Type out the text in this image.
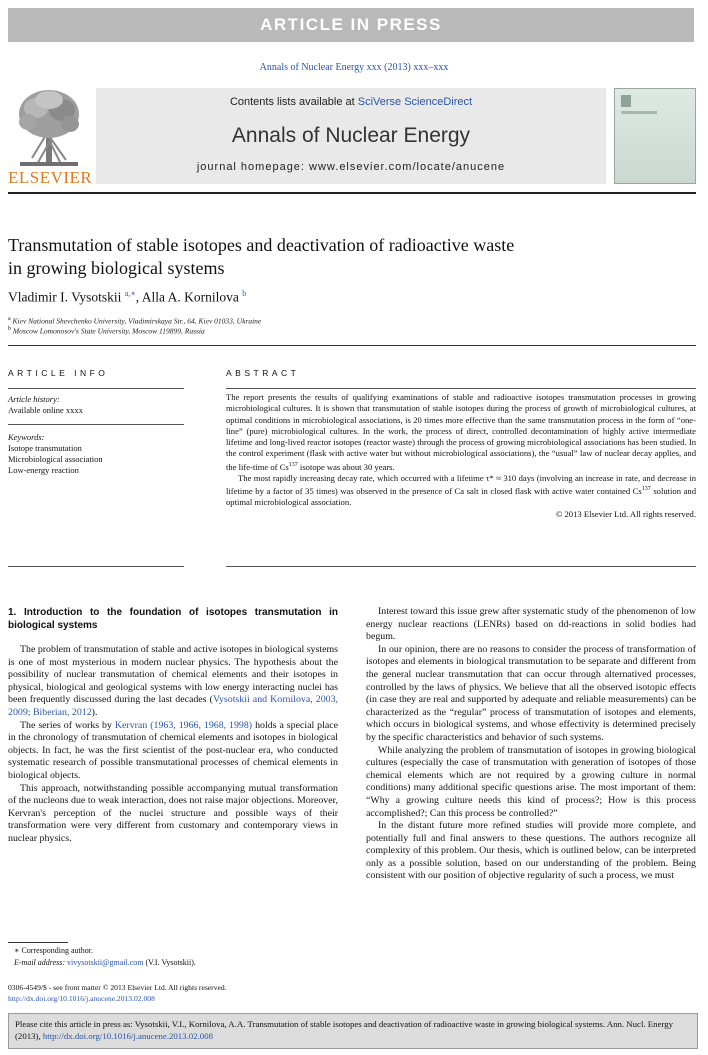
ARTICLE IN PRESS
Annals of Nuclear Energy xxx (2013) xxx–xxx
ELSEVIER
Contents lists available at SciVerse ScienceDirect
Annals of Nuclear Energy
journal homepage: www.elsevier.com/locate/anucene
Transmutation of stable isotopes and deactivation of radioactive waste
in growing biological systems
Vladimir I. Vysotskii $^{a,∗}$, Alla A. Kornilova $^b$
$^a$ Kiev National Shevchenko University, Vladimirskaya Str., 64, Kiev 01033, Ukraine
$^b$ Moscow Lomonosov's State University, Moscow 119899, Russia
ARTICLE INFO
Article history:
Available online xxxx
Keywords:
Isotope transmutation
Microbiological association
Low-energy reaction
ABSTRACT

The report presents the results of qualifying examinations of stable and radioactive isotopes transmutation processes in growing microbiological cultures. It is shown that transmutation of stable isotopes during the process of growth of microbiological cultures, at optimal conditions in microbiological associations, is 20 times more effective than the same transmutation process in the form of “one-line” (pure) microbiological cultures. In the work, the process of direct, controlled decontamination of highly active intermediate lifetime and long-lived reactor isotopes (reactor waste) through the process of growing microbiological associations has been studied. In the control experiment (flask with active water but without microbiological associations), the “usual” law of nuclear decay applies, and the life-time of Cs$^{137}$ isotope was about 30 years.

The most rapidly increasing decay rate, which occurred with a lifetime τ* ≈ 310 days (involving an increase in rate, and decrease in lifetime by a factor of 35 times) was observed in the presence of Ca salt in closed flask with active water contained Cs$^{137}$ solution and optimal microbiological association.

© 2013 Elsevier Ltd. All rights reserved.

1. Introduction to the foundation of isotopes transmutation in biological systems

The problem of transmutation of stable and active isotopes in biological systems is one of most mysterious in modern nuclear physics. The hypothesis about the possibility of nuclear transmutation of chemical elements and their isotopes in physical, biological and geological systems with low energy interacting nuclei has been frequently discussed during the last decades (Vysotskii and Kornilova, 2003, 2009; Biberian, 2012).

The series of works by Kervran (1963, 1966, 1968, 1998) holds a special place in the chronology of transmutation of chemical elements and isotopes in biological objects. In fact, he was the first scientist of the post-nuclear era, who conducted systematic research of possible transmutational processes of chemical elements in biological objects.

This approach, notwithstanding possible accompanying mutual transformation of the nucleons due to weak interaction, does not raise major objections. Moreover, Kervran's perception of the nuclei structure and possible ways of their transformation were very different from customary and contemporary views in nuclear physics.

Interest toward this issue grew after systematic study of the phenomenon of low energy nuclear reactions (LENRs) based on dd-reactions in solid bodies had begum.

In our opinion, there are no reasons to consider the process of transformation of isotopes and elements in biological transmutation to be separate and different from the general nuclear transmutation that can occur through alternatived processes, controlled by the laws of physics. We believe that all the observed isotopic effects (in case they are real and supported by adequate and reliable measurements) can be characterized as the “regular” process of transmutation of isotopes and elements, which occurs in biological systems, and whose effectivity is determined precisely by the specific characteristics and behavior of such systems.

While analyzing the problem of transmutation of isotopes in growing biological cultures (especially the case of transmutation with generation of isotopes of those chemical elements which are not required by a growing culture in normal conditions) many additional specific questions arise. The most important of them: “Why a growing culture needs this kind of process?; How is this process accomplished?; Can this process be controlled?”

In the distant future more refined studies will provide more complete, and potentially full and final answers to these questions. The authors recognize all complexity of this problem. Our thesis, which is outlined below, can be interpreted only as a possible solution, based on our understanding of the problem. Being consistent with our position of objective regularity of such a process, we must

∗ Corresponding author.
E-mail address: vivysotskii@gmail.com (V.I. Vysotskii).
0306-4549/$ - see front matter © 2013 Elsevier Ltd. All rights reserved.
http://dx.doi.org/10.1016/j.anucene.2013.02.008
Please cite this article in press as: Vysotskii, V.I., Kornilova, A.A. Transmutation of stable isotopes and deactivation of radioactive waste in growing biological systems. Ann. Nucl. Energy (2013), http://dx.doi.org/10.1016/j.anucene.2013.02.008
